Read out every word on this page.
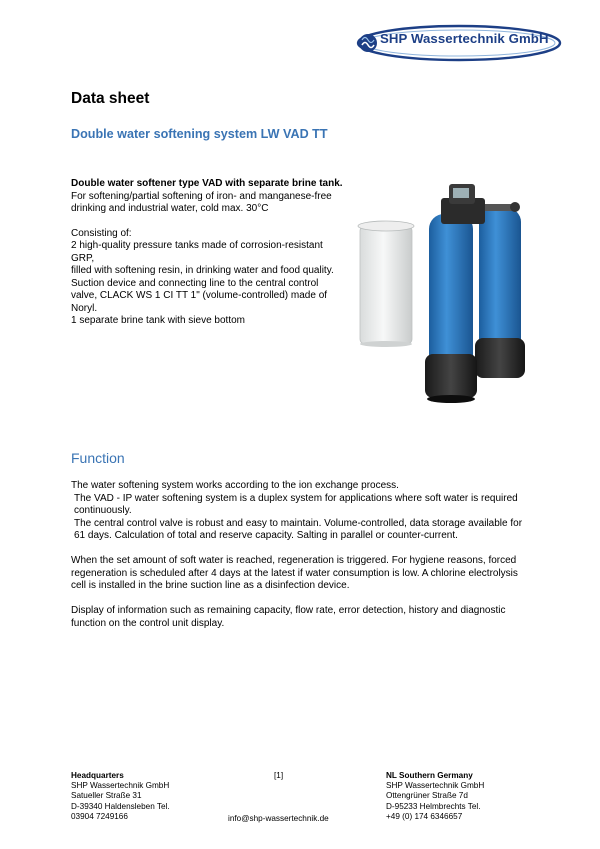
SHP Wassertechnik GmbH
Data sheet
Double water softening system LW VAD TT

Double water softener type VAD with separate brine tank. For softening/partial softening of iron- and manganese-free drinking and industrial water, cold max. 30°C

Consisting of:

2 high-quality pressure tanks made of corrosion-resistant GRP,

filled with softening resin, in drinking water and food quality.

Suction device and connecting line to the central control valve, CLACK WS 1 CI TT 1" (volume-controlled) made of Noryl.

1 separate brine tank with sieve bottom

Function

The water softening system works according to the ion exchange process.

The VAD - IP water softening system is a duplex system for applications where soft water is required continuously.

The central control valve is robust and easy to maintain. Volume-controlled, data storage available for 61 days. Calculation of total and reserve capacity. Salting in parallel or counter-current.

When the set amount of soft water is reached, regeneration is triggered. For hygiene reasons, forced regeneration is scheduled after 4 days at the latest if water consumption is low. A chlorine electrolysis cell is installed in the brine suction line as a disinfection device.

Display of information such as remaining capacity, flow rate, error detection, history and diagnostic function on the control unit display.

Headquarters
SHP Wassertechnik GmbH
Satueller Straße 31
D-39340 Haldensleben Tel.
03904 7249166
[1]
info@shp-wassertechnik.de
NL Southern Germany
SHP Wassertechnik GmbH
Ottengrüner Straße 7d
D-95233 Helmbrechts Tel.
+49 (0) 174 6346657
